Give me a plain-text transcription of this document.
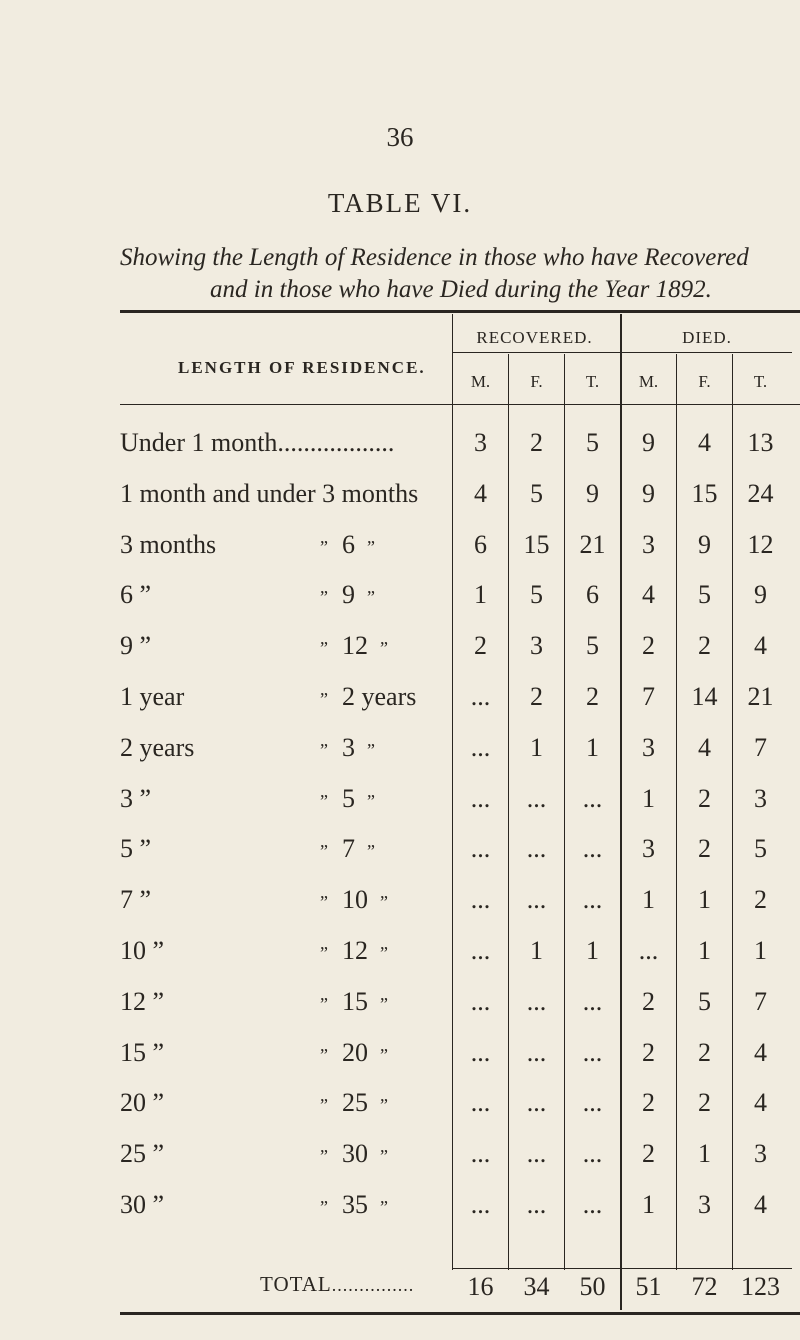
36
TABLE VI.
Showing the Length of Residence in those who have Recovered
and in those who have Died during the Year 1892.
LENGTH OF RESIDENCE.
RECOVERED.	DIED.
M.	F.	T.	M.	F.	T.
Under 1 month..................	3	2	5	9	4	13
1 month and under 3 months	4	5	9	9	15	24
3 months	” 6 ”	6	15	21	3	9	12
6 ”	” 9 ”	1	5	6	4	5	9
9 ”	” 12 ”	2	3	5	2	2	4
1 year	” 2 years	...	2	2	7	14	21
2 years	” 3 ”	...	1	1	3	4	7
3 ”	” 5 ”	...	...	...	1	2	3
5 ”	” 7 ”	...	...	...	3	2	5
7 ”	” 10 ”	...	...	...	1	1	2
10 ”	” 12 ”	...	1	1	...	1	1
12 ”	” 15 ”	...	...	...	2	5	7
15 ”	” 20 ”	...	...	...	2	2	4
20 ”	” 25 ”	...	...	...	2	2	4
25 ”	” 30 ”	...	...	...	2	1	3
30 ”	” 35 ”	...	...	...	1	3	4
TOTAL...............	16	34	50	51	72 123
